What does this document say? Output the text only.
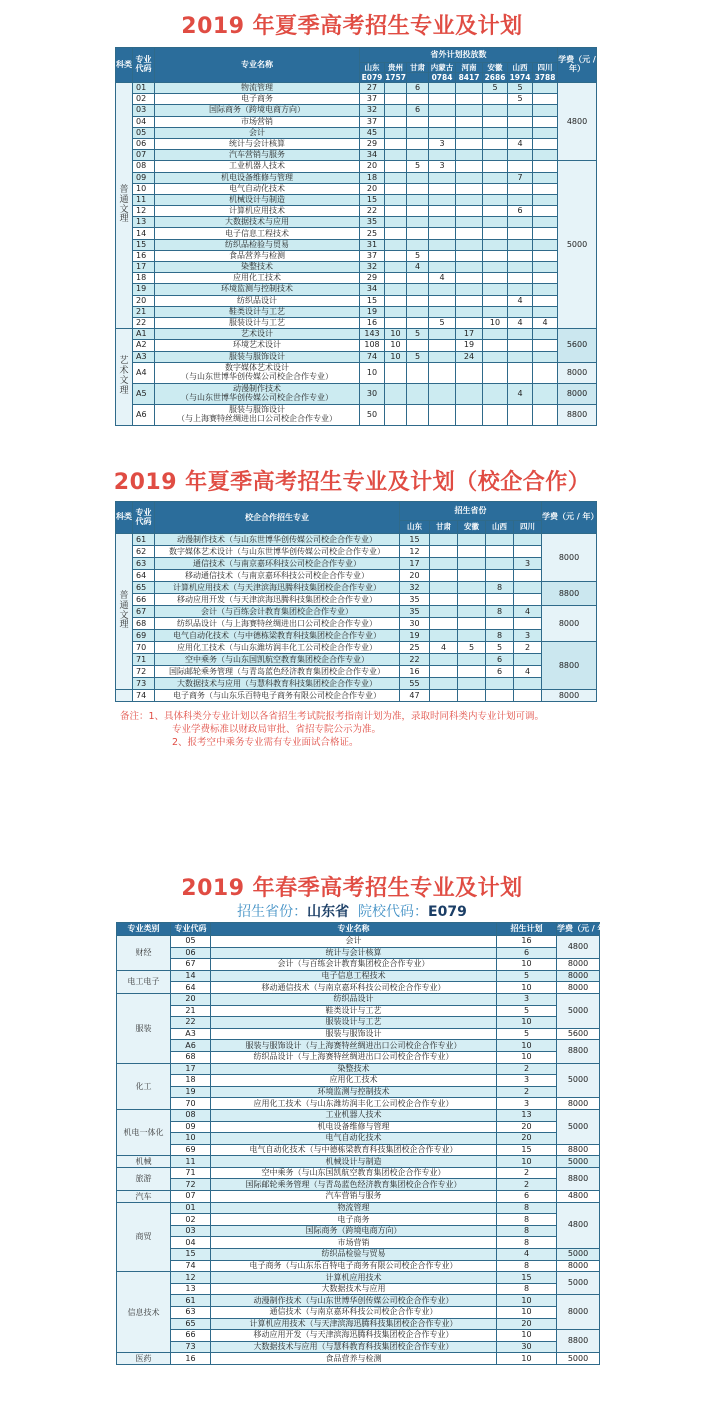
2019 年夏季高考招生专业及计划
科类	专业代码	专业名称	省外计划投放数								学费（元 / 年）
			山东	贵州	甘肃	内蒙古	河南	安徽	山西	四川	
			E079	1757		0784	8417	2686	1974	3788	
普通文理	01	物流管理	27		6			5	5		4800
	02	电子商务	37						5		
	03	国际商务（跨境电商方向）	32		6						
	04	市场营销	37								
	05	会计	45								
	06	统计与会计核算	29			3			4		
	07	汽车营销与服务	34								
	08	工业机器人技术	20		5	3					5000
	09	机电设备维修与管理	18						7		
	10	电气自动化技术	20								
	11	机械设计与制造	15								
	12	计算机应用技术	22						6		
	13	大数据技术与应用	35								
	14	电子信息工程技术	25								
	15	纺织品检验与贸易	31								
	16	食品营养与检测	37		5						
	17	染整技术	32		4						
	18	应用化工技术	29			4					
	19	环境监测与控制技术	34								
	20	纺织品设计	15						4		
	21	鞋类设计与工艺	19								
	22	服装设计与工艺	16			5		10	4	4	
艺术文理	A1	艺术设计	143	10	5		17				5600
	A2	环境艺术设计	108	10			19				
	A3	服装与服饰设计	74	10	5		24				
	A4	数字媒体艺术设计
（与山东世博华创传媒公司校企合作专业）	10								8000
	A5	动漫制作技术
（与山东世博华创传媒公司校企合作专业）	30						4		8000
	A6	服装与服饰设计
（与上海赛特丝绸进出口公司校企合作专业）	50								8800
2019 年夏季高考招生专业及计划（校企合作）
科类	专业代码	校企合作招生专业	招生省份					学费（元 / 年）
			山东	甘肃	安徽	山西	四川	
普通文理	61	动漫制作技术（与山东世博华创传媒公司校企合作专业）	15					8000
	62	数字媒体艺术设计（与山东世博华创传媒公司校企合作专业）	12					
	63	通信技术（与南京嘉环科技公司校企合作专业）	17				3	
	64	移动通信技术（与南京嘉环科技公司校企合作专业）	20					
	65	计算机应用技术（与天津滨海迅腾科技集团校企合作专业）	32			8		8800
	66	移动应用开发（与天津滨海迅腾科技集团校企合作专业）	35					
	67	会计（与百练会计教育集团校企合作专业）	35			8	4	8000
	68	纺织品设计（与上海赛特丝绸进出口公司校企合作专业）	30					
	69	电气自动化技术（与中德栋梁教育科技集团校企合作专业）	19			8	3	
	70	应用化工技术（与山东潍坊润丰化工公司校企合作专业）	25	4	5	5	2	8800
	71	空中乘务（与山东国凯航空教育集团校企合作专业）	22			6		
	72	国际邮轮乘务管理（与青岛蓝色经济教育集团校企合作专业）	16			6	4	
	73	大数据技术与应用（与慧科教育科技集团校企合作专业）	55					
	74	电子商务（与山东乐百特电子商务有限公司校企合作专业）	47					8000
备注：1、具体科类分专业计划以各省招生考试院报考指南计划为准，录取时同科类内专业计划可调。
专业学费标准以财政局审批、省招专院公示为准。
2、报考空中乘务专业需有专业面试合格证。
2019 年春季高考招生专业及计划
招生省份：山东省 院校代码：E079
专业类别	专业代码	专业名称	招生计划	学费（元 / 年）
财经	05	会计	16	4800
	06	统计与会计核算	6	
	67	会计（与百练会计教育集团校企合作专业）	10	8000
电工电子	14	电子信息工程技术	5	8000
	64	移动通信技术（与南京嘉环科技公司校企合作专业）	10	8000
服装	20	纺织品设计	3	5000
	21	鞋类设计与工艺	5	
	22	服装设计与工艺	10	
	A3	服装与服饰设计	5	5600
	A6	服装与服饰设计（与上海赛特丝绸进出口公司校企合作专业）	10	8800
	68	纺织品设计（与上海赛特丝绸进出口公司校企合作专业）	10	
化工	17	染整技术	2	5000
	18	应用化工技术	3	
	19	环境监测与控制技术	2	
	70	应用化工技术（与山东潍坊润丰化工公司校企合作专业）	3	8000
机电一体化	08	工业机器人技术	13	5000
	09	机电设备维修与管理	20	
	10	电气自动化技术	20	
	69	电气自动化技术（与中德栋梁教育科技集团校企合作专业）	15	8800
机械	11	机械设计与制造	10	5000
旅游	71	空中乘务（与山东国凯航空教育集团校企合作专业）	2	8800
	72	国际邮轮乘务管理（与青岛蓝色经济教育集团校企合作专业）	2	
汽车	07	汽车营销与服务	6	4800
商贸	01	物流管理	8	4800
	02	电子商务	8	
	03	国际商务（跨境电商方向）	8	
	04	市场营销	8	
	15	纺织品检验与贸易	4	5000
	74	电子商务（与山东乐百特电子商务有限公司校企合作专业）	8	8000
信息技术	12	计算机应用技术	15	5000
	13	大数据技术与应用	8	
	61	动漫制作技术（与山东世博华创传媒公司校企合作专业）	10	8000
	63	通信技术（与南京嘉环科技公司校企合作专业）	10	
	65	计算机应用技术（与天津滨海迅腾科技集团校企合作专业）	20	
	66	移动应用开发（与天津滨海迅腾科技集团校企合作专业）	10	8800
	73	大数据技术与应用（与慧科教育科技集团校企合作专业）	30	
医药	16	食品营养与检测	10	5000
